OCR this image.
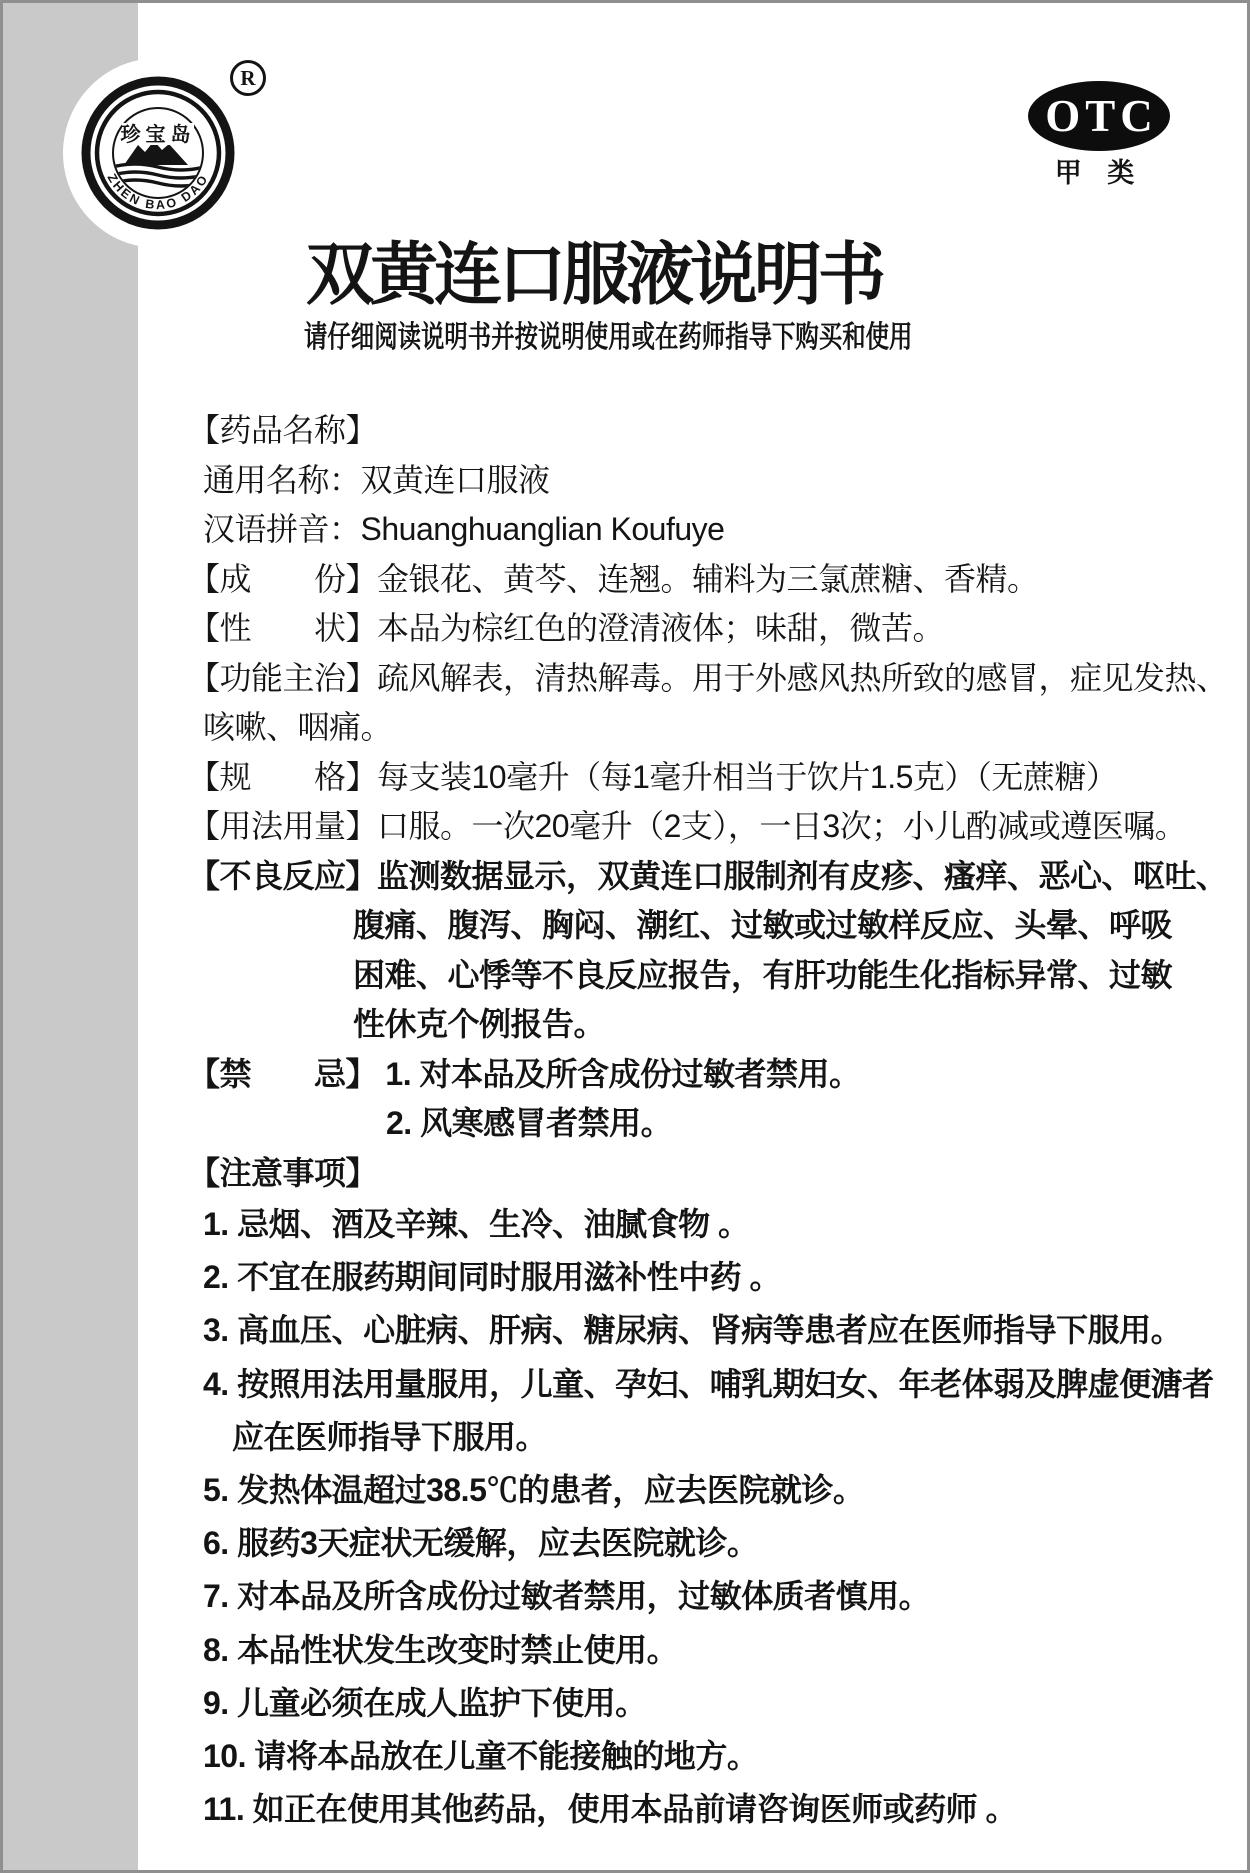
珍宝岛
ZHEN BAO DAO
R
OTC
甲 类
双黄连口服液说明书
请仔细阅读说明书并按说明使用或在药师指导下购买和使用
【药品名称】
通用名称：双黄连口服液
汉语拼音：Shuanghuanglian Koufuye
【成　　份】金银花、黄芩、连翘。辅料为三氯蔗糖、香精。
【性　　状】本品为棕红色的澄清液体；味甜，微苦。
【功能主治】疏风解表，清热解毒。用于外感风热所致的感冒，症见发热、
咳嗽、咽痛。
【规　　格】每支装10毫升（每1毫升相当于饮片1.5克）（无蔗糖）
【用法用量】口服。一次20毫升（2支），一日3次；小儿酌减或遵医嘱。
【不良反应】监测数据显示，双黄连口服制剂有皮疹、瘙痒、恶心、呕吐、
腹痛、腹泻、胸闷、潮红、过敏或过敏样反应、头晕、呼吸
困难、心悸等不良反应报告，有肝功能生化指标异常、过敏
性休克个例报告。
【禁　　忌】 1. 对本品及所含成份过敏者禁用。
2. 风寒感冒者禁用。
【注意事项】
1. 忌烟、酒及辛辣、生冷、油腻食物 。
2. 不宜在服药期间同时服用滋补性中药 。
3. 高血压、心脏病、肝病、糖尿病、肾病等患者应在医师指导下服用。
4. 按照用法用量服用，儿童、孕妇、哺乳期妇女、年老体弱及脾虚便溏者
应在医师指导下服用。
5. 发热体温超过38.5℃的患者，应去医院就诊。
6. 服药3天症状无缓解，应去医院就诊。
7. 对本品及所含成份过敏者禁用，过敏体质者慎用。
8. 本品性状发生改变时禁止使用。
9. 儿童必须在成人监护下使用。
10. 请将本品放在儿童不能接触的地方。
11. 如正在使用其他药品，使用本品前请咨询医师或药师 。
